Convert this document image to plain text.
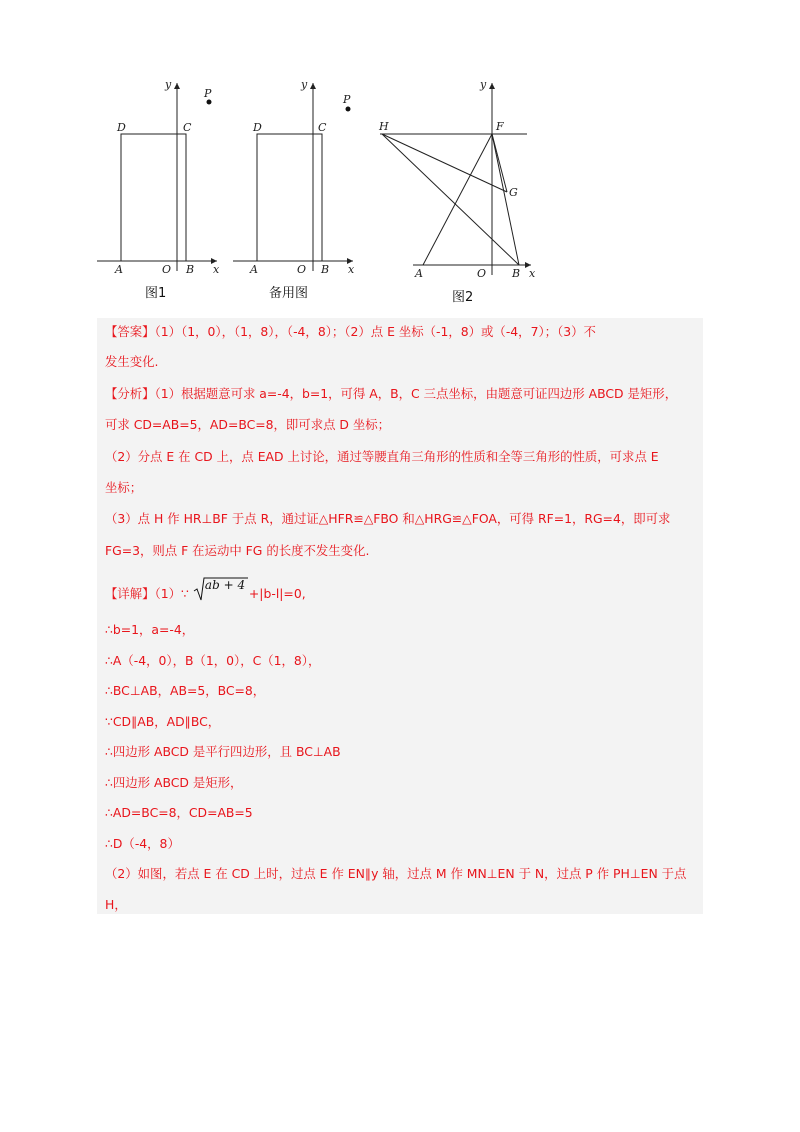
y
P
D	C
A	O B x
图1
y
P
D	C
A	O B x
备用图
y
H	F
G
A	O B x
图2
【答案】（1）（1，0），（1，8），（-4，8）；（2）点 E 坐标（-1，8）或（-4，7）；（3）不
发生变化.
【分析】（1）根据题意可求 a=-4，b=1，可得 A，B，C 三点坐标，由题意可证四边形 ABCD 是矩形，
可求 CD=AB=5，AD=BC=8，即可求点 D 坐标；
（2）分点 E 在 CD 上，点 EAD 上讨论，通过等腰直角三角形的性质和全等三角形的性质，可求点 E
坐标；
（3）点 H 作 HR⊥BF 于点 R，通过证△HFR≌△FBO 和△HRG≌△FOA，可得 RF=1，RG=4，即可求
FG=3，则点 F 在运动中 FG 的长度不发生变化.
【详解】（1）∵
ab + 4
+|b-l|=0,
∴b=1，a=-4，
∴A（-4，0），B（1，0），C（1，8），
∴BC⊥AB，AB=5，BC=8，
∵CD∥AB，AD∥BC，
∴四边形 ABCD 是平行四边形，且 BC⊥AB
∴四边形 ABCD 是矩形，
∴AD=BC=8，CD=AB=5
∴D（-4，8）
（2）如图，若点 E 在 CD 上时，过点 E 作 EN∥y 轴，过点 M 作 MN⊥EN 于 N，过点 P 作 PH⊥EN 于点
H，
